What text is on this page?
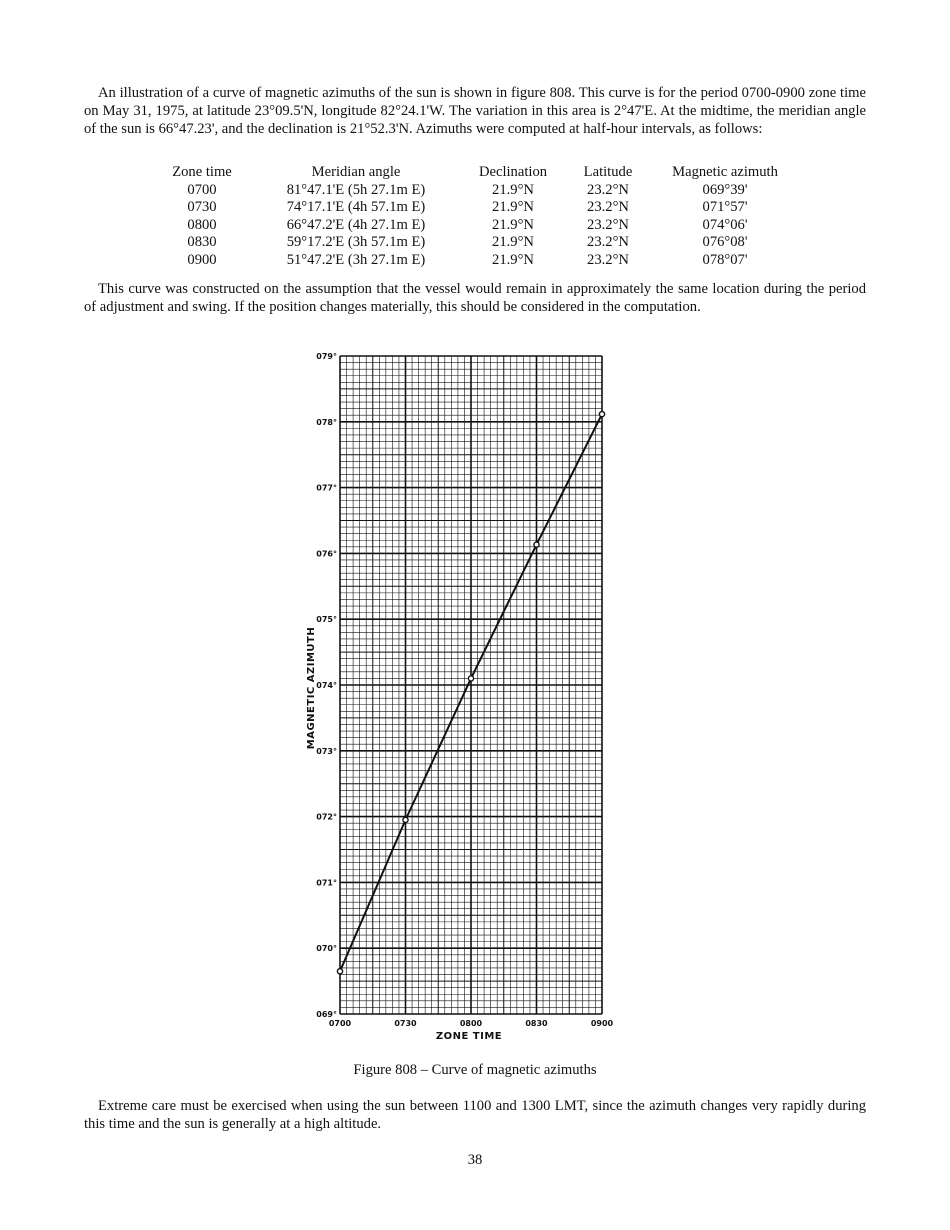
An illustration of a curve of magnetic azimuths of the sun is shown in figure 808. This curve is for the period 0700-0900 zone time on May 31, 1975, at latitude 23°09.5'N, longitude 82°24.1'W. The variation in this area is 2°47'E. At the midtime, the meridian angle of the sun is 66°47.23', and the declination is 21°52.3'N. Azimuths were computed at half-hour intervals, as follows:

Zone time	Meridian angle	Declination	Latitude	Magnetic azimuth
0700	81°47.1'E (5h 27.1m E)	21.9°N	23.2°N	069°39'
0730	74°17.1'E (4h 57.1m E)	21.9°N	23.2°N	071°57'
0800	66°47.2'E (4h 27.1m E)	21.9°N	23.2°N	074°06'
0830	59°17.2'E (3h 57.1m E)	21.9°N	23.2°N	076°08'
0900	51°47.2'E (3h 27.1m E)	21.9°N	23.2°N	078°07'

This curve was constructed on the assumption that the vessel would remain in approximately the same location during the period of adjustment and swing. If the position changes materially, this should be considered in the computation.

069°
070°
071°
072°
073°
074°
075°
076°
077°
078°
079°
0700	0730	0800	0830	0900
ZONE TIME
MAGNETIC AZIMUTH
Figure 808 – Curve of magnetic azimuths

Extreme care must be exercised when using the sun between 1100 and 1300 LMT, since the azimuth changes very rapidly during this time and the sun is generally at a high altitude.

38
